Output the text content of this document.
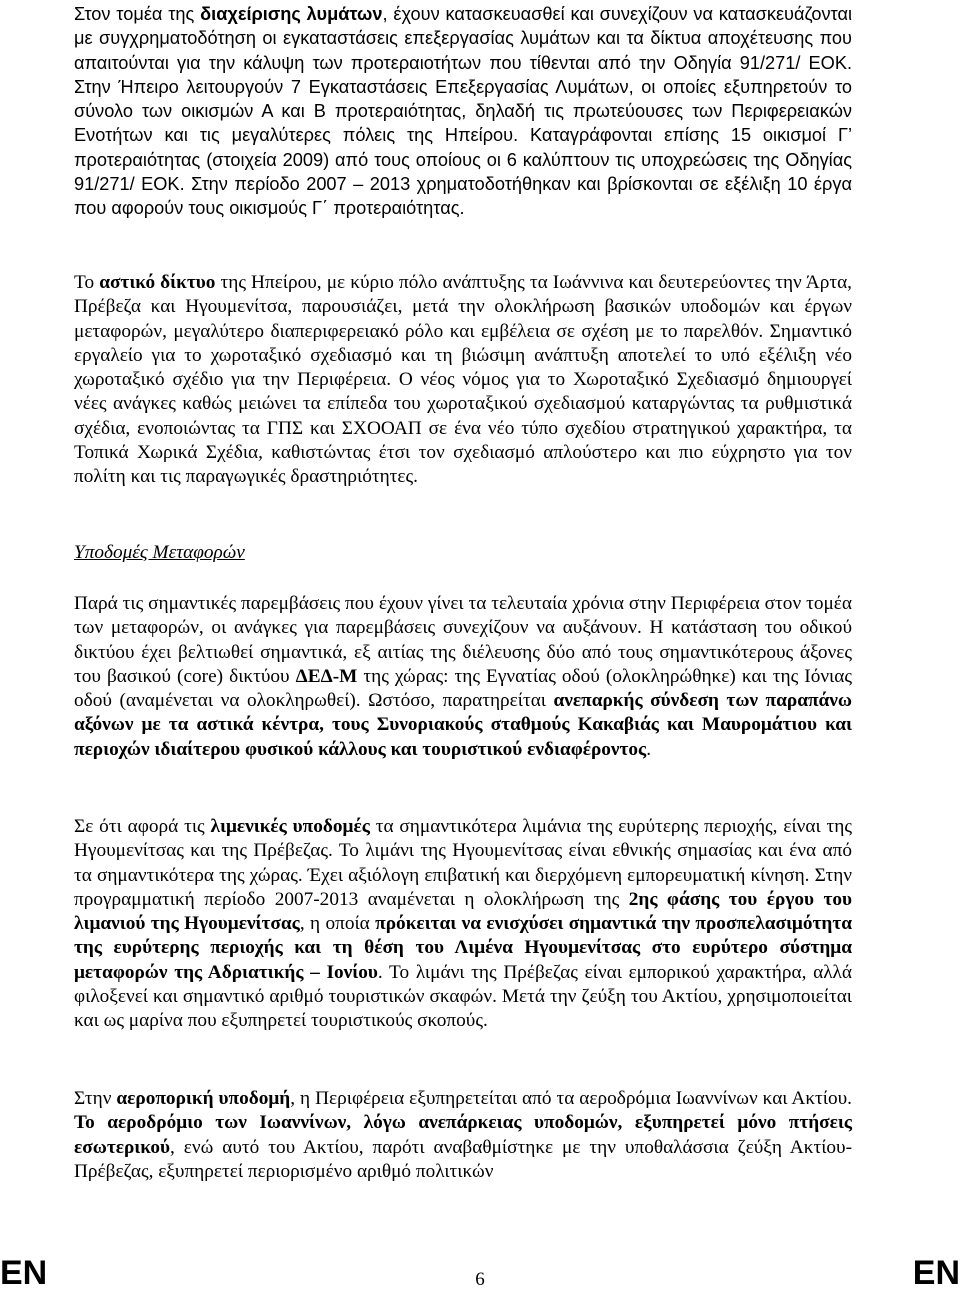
Στον τομέα της διαχείρισης λυμάτων, έχουν κατασκευασθεί και συνεχίζουν να κατασκευάζονται με συγχρηματοδότηση οι εγκαταστάσεις επεξεργασίας λυμάτων και τα δίκτυα αποχέτευσης που απαιτούνται για την κάλυψη των προτεραιοτήτων που τίθενται από την Οδηγία 91/271/ ΕΟΚ. Στην Ήπειρο λειτουργούν 7 Εγκαταστάσεις Επεξεργασίας Λυμάτων, οι οποίες εξυπηρετούν το σύνολο των οικισμών Α και Β προτεραιότητας, δηλαδή τις πρωτεύουσες των Περιφερειακών Ενοτήτων και τις μεγαλύτερες πόλεις της Ηπείρου. Καταγράφονται επίσης 15 οικισμοί Γ’ προτεραιότητας (στοιχεία 2009) από τους οποίους οι 6 καλύπτουν τις υποχρεώσεις της Οδηγίας 91/271/ ΕΟΚ. Στην περίοδο 2007 – 2013 χρηματοδοτήθηκαν και βρίσκονται σε εξέλιξη 10 έργα που αφορούν τους οικισμούς Γ΄ προτεραιότητας.

Το αστικό δίκτυο της Ηπείρου, με κύριο πόλο ανάπτυξης τα Ιωάννινα και δευτερεύοντες την Άρτα, Πρέβεζα και Ηγουμενίτσα, παρουσιάζει, μετά την ολοκλήρωση βασικών υποδομών και έργων μεταφορών, μεγαλύτερο διαπεριφερειακό ρόλο και εμβέλεια σε σχέση με το παρελθόν. Σημαντικό εργαλείο για το χωροταξικό σχεδιασμό και τη βιώσιμη ανάπτυξη αποτελεί το υπό εξέλιξη νέο χωροταξικό σχέδιο για την Περιφέρεια. Ο νέος νόμος για το Χωροταξικό Σχεδιασμό δημιουργεί νέες ανάγκες καθώς μειώνει τα επίπεδα του χωροταξικού σχεδιασμού καταργώντας τα ρυθμιστικά σχέδια, ενοποιώντας τα ΓΠΣ και ΣΧΟΟΑΠ σε ένα νέο τύπο σχεδίου στρατηγικού χαρακτήρα, τα Τοπικά Χωρικά Σχέδια, καθιστώντας έτσι τον σχεδιασμό απλούστερο και πιο εύχρηστο για τον πολίτη και τις παραγωγικές δραστηριότητες.

Υποδομές Μεταφορών

Παρά τις σημαντικές παρεμβάσεις που έχουν γίνει τα τελευταία χρόνια στην Περιφέρεια στον τομέα των μεταφορών, οι ανάγκες για παρεμβάσεις συνεχίζουν να αυξάνουν. Η κατάσταση του οδικού δικτύου έχει βελτιωθεί σημαντικά, εξ αιτίας της διέλευσης δύο από τους σημαντικότερους άξονες του βασικού (core) δικτύου ΔΕΔ-Μ της χώρας: της Εγνατίας οδού (ολοκληρώθηκε) και της Ιόνιας οδού (αναμένεται να ολοκληρωθεί). Ωστόσο, παρατηρείται ανεπαρκής σύνδεση των παραπάνω αξόνων με τα αστικά κέντρα, τους Συνοριακούς σταθμούς Κακαβιάς και Μαυρομάτιου και περιοχών ιδιαίτερου φυσικού κάλλους και τουριστικού ενδιαφέροντος.

Σε ότι αφορά τις λιμενικές υποδομές τα σημαντικότερα λιμάνια της ευρύτερης περιοχής, είναι της Ηγουμενίτσας και της Πρέβεζας. Το λιμάνι της Ηγουμενίτσας είναι εθνικής σημασίας και ένα από τα σημαντικότερα της χώρας. Έχει αξιόλογη επιβατική και διερχόμενη εμπορευματική κίνηση. Στην προγραμματική περίοδο 2007-2013 αναμένεται η ολοκλήρωση της 2ης φάσης του έργου του λιμανιού της Ηγουμενίτσας, η οποία πρόκειται να ενισχύσει σημαντικά την προσπελασιμότητα της ευρύτερης περιοχής και τη θέση του Λιμένα Ηγουμενίτσας στο ευρύτερο σύστημα μεταφορών της Αδριατικής – Ιονίου. Το λιμάνι της Πρέβεζας είναι εμπορικού χαρακτήρα, αλλά φιλοξενεί και σημαντικό αριθμό τουριστικών σκαφών. Μετά την ζεύξη του Ακτίου, χρησιμοποιείται και ως μαρίνα που εξυπηρετεί τουριστικούς σκοπούς.

Στην αεροπορική υποδομή, η Περιφέρεια εξυπηρετείται από τα αεροδρόμια Ιωαννίνων και Ακτίου. Το αεροδρόμιο των Ιωαννίνων, λόγω ανεπάρκειας υποδομών, εξυπηρετεί μόνο πτήσεις εσωτερικού, ενώ αυτό του Ακτίου, παρότι αναβαθμίστηκε με την υποθαλάσσια ζεύξη Ακτίου-Πρέβεζας, εξυπηρετεί περιορισμένο αριθμό πολιτικών

EN	6	EN
